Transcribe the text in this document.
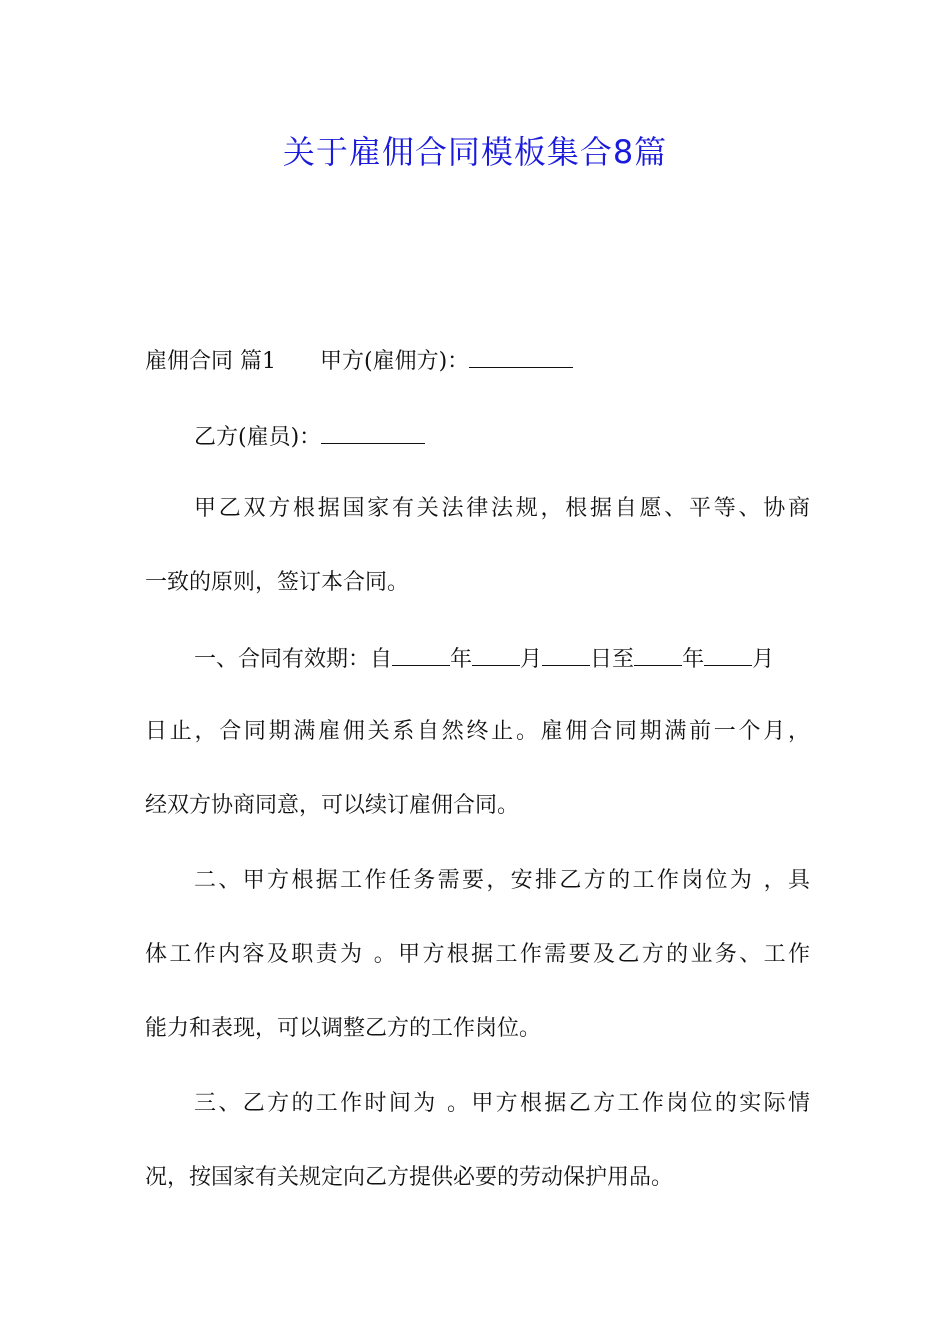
关于雇佣合同模板集合8篇
雇佣合同 篇1 甲方(雇佣方)：
乙方(雇员)：
甲乙双方根据国家有关法律法规，根据自愿、平等、协商
一致的原则，签订本合同。
一、合同有效期：自	年 月 日至 年 月
日止，合同期满雇佣关系自然终止。雇佣合同期满前一个月，
经双方协商同意，可以续订雇佣合同。
二、甲方根据工作任务需要，安排乙方的工作岗位为 ，具
体工作内容及职责为 。甲方根据工作需要及乙方的业务、工作
能力和表现，可以调整乙方的工作岗位。
三、乙方的工作时间为 。甲方根据乙方工作岗位的实际情
况，按国家有关规定向乙方提供必要的劳动保护用品。
